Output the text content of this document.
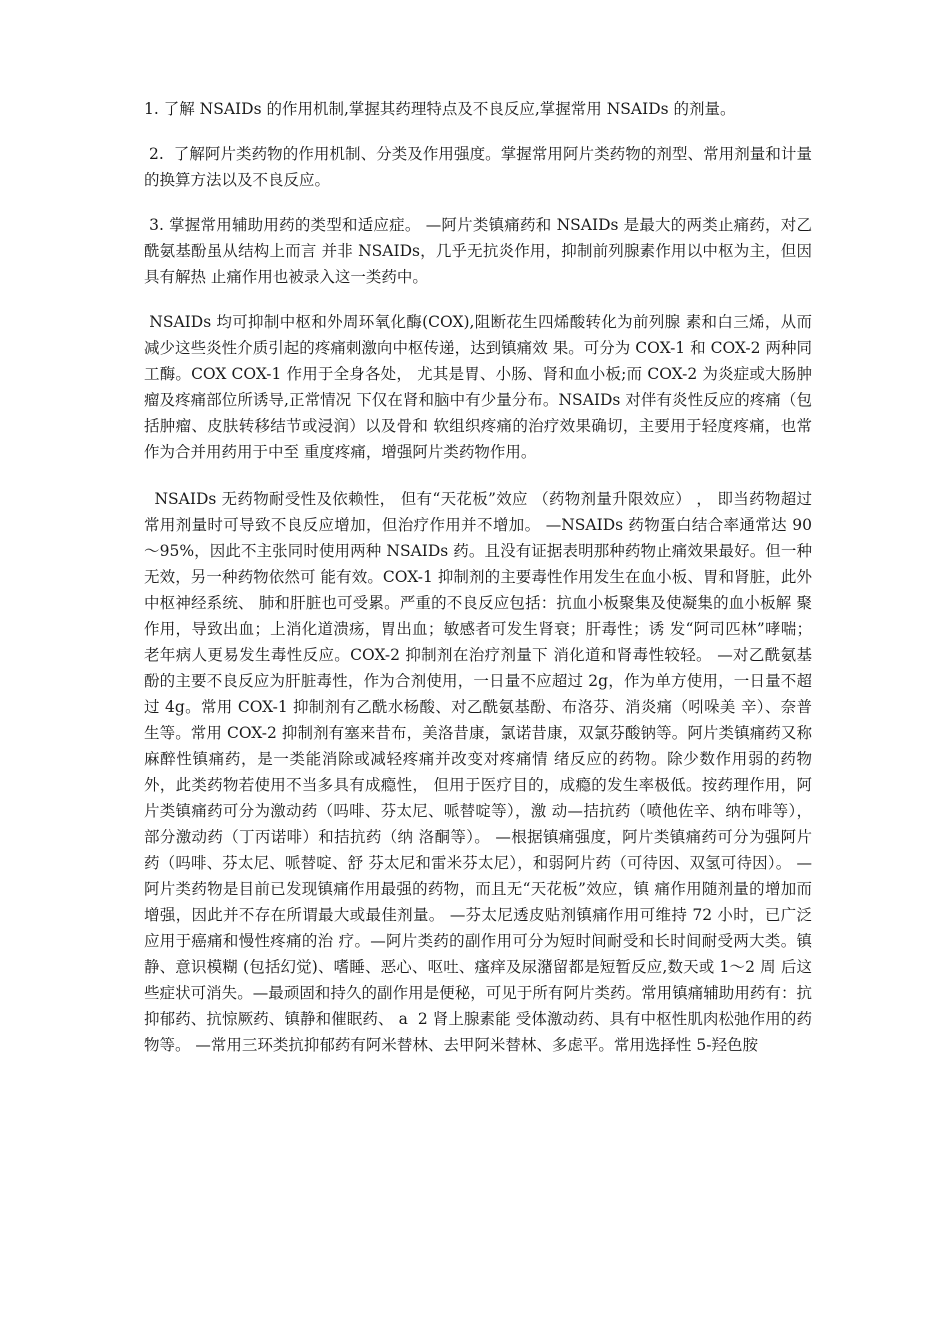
1. 了解 NSAIDs 的作用机制,掌握其药理特点及不良反应,掌握常用 NSAIDs 的剂量。

2.  了解阿片类药物的作用机制、分类及作用强度。掌握常用阿片类药物的剂型、常用剂量和计量的换算方法以及不良反应。

3. 掌握常用辅助用药的类型和适应症。 —阿片类镇痛药和 NSAIDs 是最大的两类止痛药，对乙酰氨基酚虽从结构上而言 并非 NSAIDs，几乎无抗炎作用，抑制前列腺素作用以中枢为主，但因具有解热 止痛作用也被录入这一类药中。

NSAIDs 均可抑制中枢和外周环氧化酶(COX),阻断花生四烯酸转化为前列腺 素和白三烯，从而减少这些炎性介质引起的疼痛刺激向中枢传递，达到镇痛效 果。可分为 COX-1 和 COX-2 两种同工酶。COX COX-1 作用于全身各处， 尤其是胃、小肠、肾和血小板;而 COX-2 为炎症或大肠肿瘤及疼痛部位所诱导,正常情况 下仅在肾和脑中有少量分布。NSAIDs 对伴有炎性反应的疼痛（包括肿瘤、皮肤转移结节或浸润）以及骨和 软组织疼痛的治疗效果确切，主要用于轻度疼痛，也常作为合并用药用于中至 重度疼痛，增强阿片类药物作用。

NSAIDs 无药物耐受性及依赖性， 但有“天花板”效应 （药物剂量升限效应） ， 即当药物超过常用剂量时可导致不良反应增加，但治疗作用并不增加。 —NSAIDs 药物蛋白结合率通常达 90～95%，因此不主张同时使用两种 NSAIDs 药。且没有证据表明那种药物止痛效果最好。但一种无效，另一种药物依然可 能有效。COX-1 抑制剂的主要毒性作用发生在血小板、胃和肾脏，此外中枢神经系统、 肺和肝脏也可受累。严重的不良反应包括：抗血小板聚集及使凝集的血小板解 聚作用，导致出血；上消化道溃疡，胃出血；敏感者可发生肾衰；肝毒性；诱 发“阿司匹林”哮喘；老年病人更易发生毒性反应。COX-2 抑制剂在治疗剂量下 消化道和肾毒性较轻。 —对乙酰氨基酚的主要不良反应为肝脏毒性，作为合剂使用，一日量不应超过 2g，作为单方使用，一日量不超过 4g。常用 COX-1 抑制剂有乙酰水杨酸、对乙酰氨基酚、布洛芬、消炎痛（吲哚美 辛）、奈普生等。常用 COX-2 抑制剂有塞来昔布，美洛昔康，氯诺昔康，双氯芬酸钠等。阿片类镇痛药又称麻醉性镇痛药，是一类能消除或减轻疼痛并改变对疼痛情 绪反应的药物。除少数作用弱的药物外，此类药物若使用不当多具有成瘾性， 但用于医疗目的，成瘾的发生率极低。按药理作用，阿片类镇痛药可分为激动药（吗啡、芬太尼、哌替啶等），激 动—拮抗药（喷他佐辛、纳布啡等），部分激动药（丁丙诺啡）和拮抗药（纳 洛酮等）。 —根据镇痛强度，阿片类镇痛药可分为强阿片药（吗啡、芬太尼、哌替啶、舒 芬太尼和雷米芬太尼），和弱阿片药（可待因、双氢可待因）。 —阿片类药物是目前已发现镇痛作用最强的药物，而且无“天花板”效应，镇 痛作用随剂量的增加而增强，因此并不存在所谓最大或最佳剂量。 —芬太尼透皮贴剂镇痛作用可维持 72 小时，已广泛应用于癌痛和慢性疼痛的治 疗。—阿片类药的副作用可分为短时间耐受和长时间耐受两大类。镇静、意识模糊 (包括幻觉)、嗜睡、恶心、呕吐、瘙痒及尿潴留都是短暂反应,数天或 1～2 周 后这些症状可消失。—最顽固和持久的副作用是便秘，可见于所有阿片类药。常用镇痛辅助用药有：抗抑郁药、抗惊厥药、镇静和催眠药、 a  2 肾上腺素能 受体激动药、具有中枢性肌肉松弛作用的药物等。 —常用三环类抗抑郁药有阿米替林、去甲阿米替林、多虑平。常用选择性 5-羟色胺
